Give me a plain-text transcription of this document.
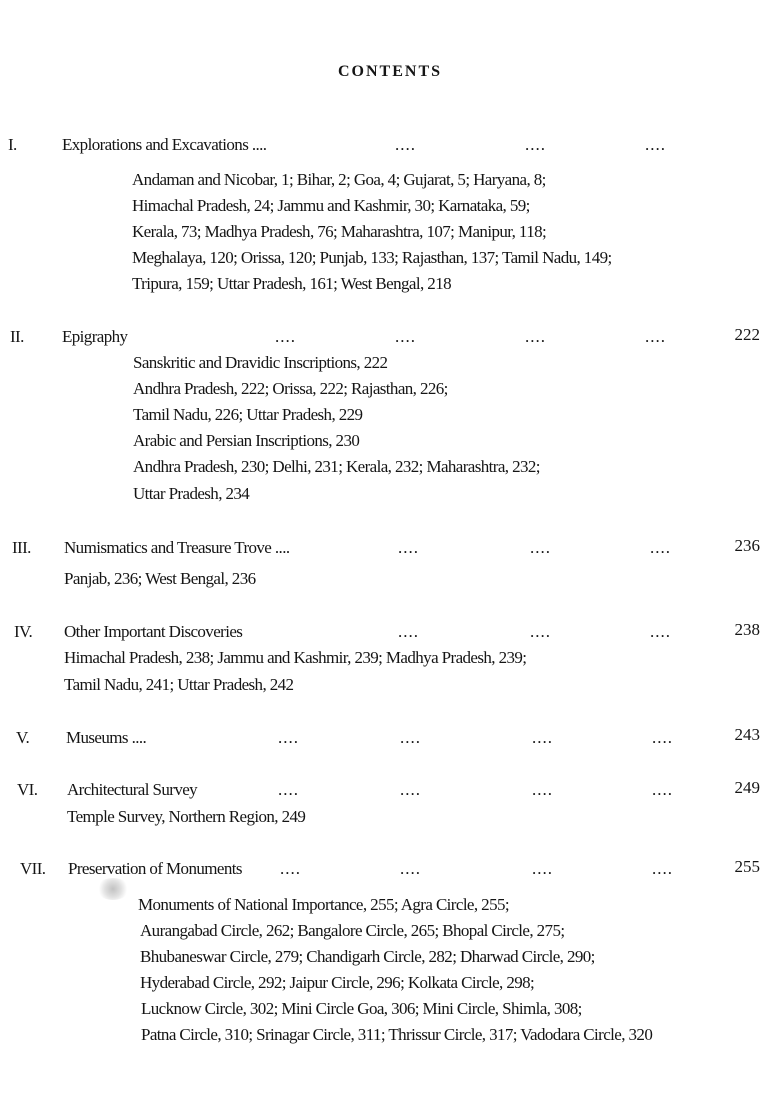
CONTENTS
I.	Explorations and Excavations ....	....	....	....
Andaman and Nicobar, 1; Bihar, 2; Goa, 4; Gujarat, 5; Haryana, 8;
Himachal Pradesh, 24; Jammu and Kashmir, 30; Karnataka, 59;
Kerala, 73; Madhya Pradesh, 76; Maharashtra, 107; Manipur, 118;
Meghalaya, 120; Orissa, 120; Punjab, 133; Rajasthan, 137; Tamil Nadu, 149;
Tripura, 159; Uttar Pradesh, 161; West Bengal, 218
II. Epigraphy	....	....	....	....	222
Sanskritic and Dravidic Inscriptions, 222
Andhra Pradesh, 222; Orissa, 222; Rajasthan, 226;
Tamil Nadu, 226; Uttar Pradesh, 229
Arabic and Persian Inscriptions, 230
Andhra Pradesh, 230; Delhi, 231; Kerala, 232; Maharashtra, 232;
Uttar Pradesh, 234
III. Numismatics and Treasure Trove ....	....	....	....	236
Panjab, 236; West Bengal, 236
IV. Other Important Discoveries	....	....	....	238
Himachal Pradesh, 238; Jammu and Kashmir, 239; Madhya Pradesh, 239;
Tamil Nadu, 241; Uttar Pradesh, 242
V. Museums ....	....	....	....	....	243
VI. Architectural Survey	....	....	....	....	249
Temple Survey, Northern Region, 249
VII. Preservation of Monuments ....	....	....	....	255
Monuments of National Importance, 255; Agra Circle, 255;
Aurangabad Circle, 262; Bangalore Circle, 265; Bhopal Circle, 275;
Bhubaneswar Circle, 279; Chandigarh Circle, 282; Dharwad Circle, 290;
Hyderabad Circle, 292; Jaipur Circle, 296; Kolkata Circle, 298;
Lucknow Circle, 302; Mini Circle Goa, 306; Mini Circle, Shimla, 308;
Patna Circle, 310; Srinagar Circle, 311; Thrissur Circle, 317; Vadodara Circle, 320
